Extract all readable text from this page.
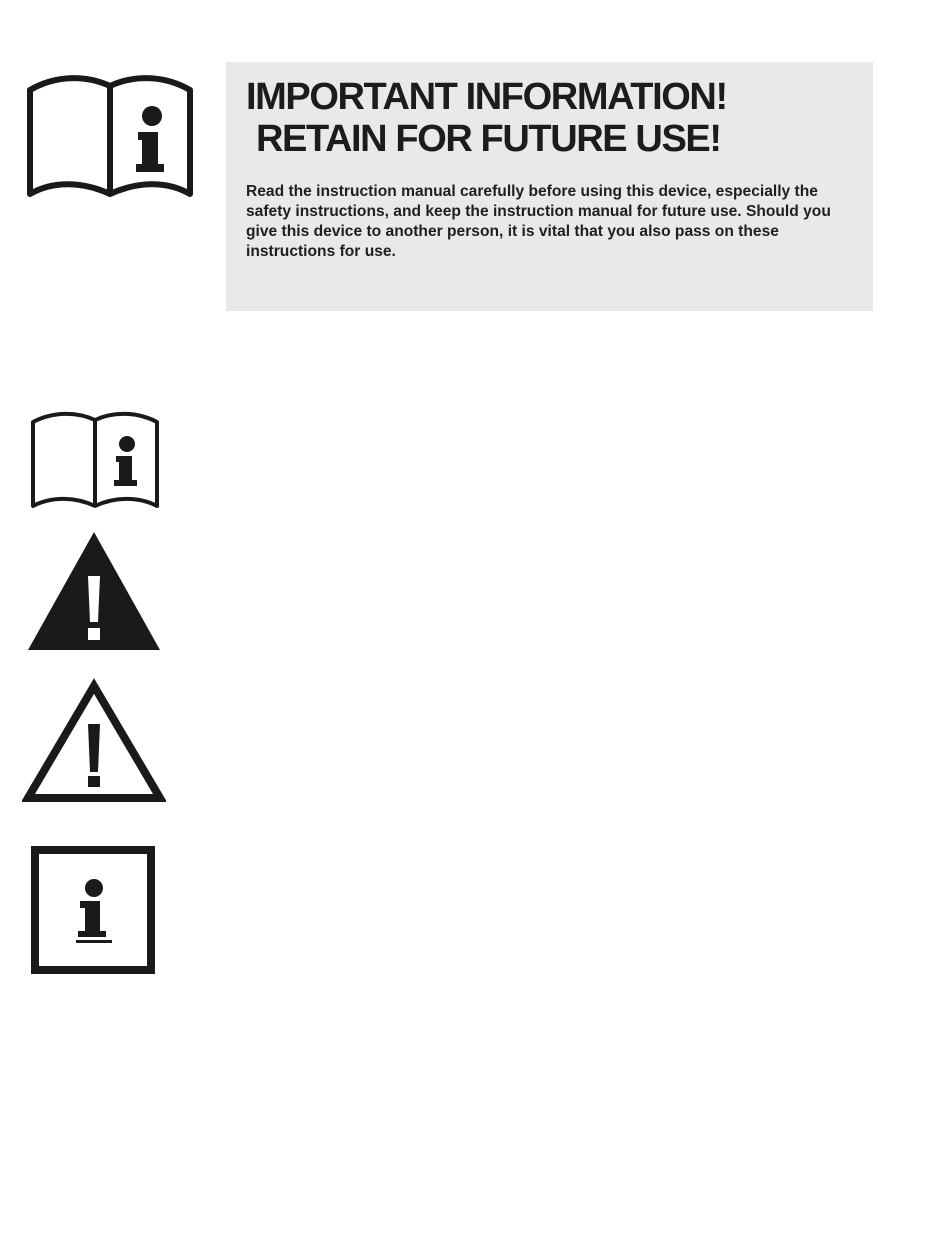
IMPORTANT INFORMATION!
RETAIN FOR FUTURE USE!

Read the instruction manual carefully before using this device, especially the safety instructions, and keep the instruction manual for future use. Should you give this device to another person, it is vital that you also pass on these instructions for use.
